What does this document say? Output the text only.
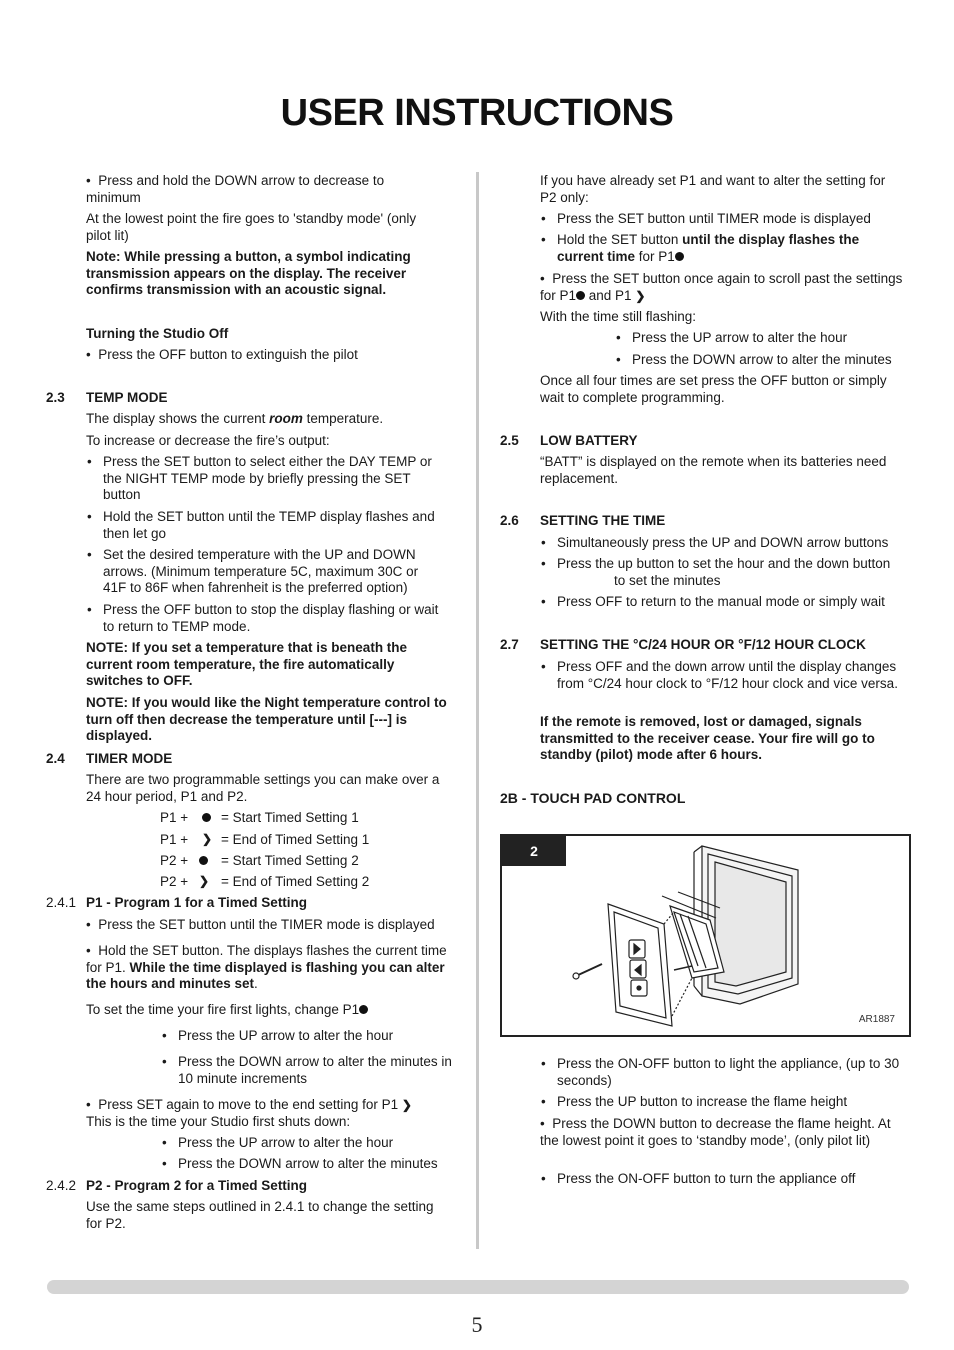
USER INSTRUCTIONS
•  Press and hold the DOWN arrow to decrease to minimum
At the lowest point the fire goes to 'standby mode' (only pilot lit)
Note: While pressing a button, a symbol indicating transmission appears on the display. The receiver confirms transmission with an acoustic signal.
Turning the Studio Off
•  Press the OFF button to extinguish the pilot
2.3 TEMP MODE
The display shows the current room temperature.
To increase or decrease the fire’s output:
• Press the SET button to select either the DAY TEMP or the NIGHT TEMP mode by briefly pressing the SET button
• Hold the SET button until the TEMP display flashes and then let go
• Set the desired temperature with the UP and DOWN arrows. (Minimum temperature 5C, maximum 30C or 41F to 86F when fahrenheit is the preferred option)
• Press the OFF button to stop the display flashing or wait to return to TEMP mode.
NOTE: If you set a temperature that is beneath the current room temperature, the fire automatically switches to OFF.
NOTE: If you would like the Night temperature control to turn off then decrease the temperature until [---] is displayed.
2.4 TIMER MODE
There are two programmable settings you can make over a 24 hour period, P1 and P2.
P1 + = Start Timed Setting 1
P1 + ❯ = End of Timed Setting 1
P2 + = Start Timed Setting 2
P2 + ❯ = End of Timed Setting 2
2.4.1 P1 - Program 1 for a Timed Setting
•  Press the SET button until the TIMER mode is displayed
•  Hold the SET button. The displays flashes the current time for P1. While the time displayed is flashing you can alter the hours and minutes set.
To set the time your fire first lights, change P1
• Press the UP arrow to alter the hour
• Press the DOWN arrow to alter the minutes in 10 minute increments
•  Press SET again to move to the end setting for P1 ❯ This is the time your Studio first shuts down:
• Press the UP arrow to alter the hour
• Press the DOWN arrow to alter the minutes
2.4.2 P2 - Program 2 for a Timed Setting
Use the same steps outlined in 2.4.1 to change the setting for P2.
If you have already set P1 and want to alter the setting for P2 only:
• Press the SET button until TIMER mode is displayed
• Hold the SET button until the display flashes the current time for P1
•  Press the SET button once again to scroll past the settings for P1 and P1 ❯
With the time still flashing:
• Press the UP arrow to alter the hour
• Press the DOWN arrow to alter the minutes
Once all four times are set press the OFF button or simply wait to complete programming.
2.5 LOW BATTERY
“BATT” is displayed on the remote when its batteries need replacement.
2.6 SETTING THE TIME
• Simultaneously press the UP and DOWN arrow buttons
• Press the up button to set the hour and the down button
to set the minutes
• Press OFF to return to the manual mode or simply wait
2.7 SETTING THE °C/24 HOUR OR °F/12 HOUR CLOCK
• Press OFF and the down arrow until the display changes from °C/24 hour clock to °F/12 hour clock and vice versa.
If the remote is removed, lost or damaged, signals transmitted to the receiver cease. Your fire will go to standby (pilot) mode after 6 hours.
2B - TOUCH PAD CONTROL
2
AR1887
• Press the ON-OFF button to light the appliance, (up to 30 seconds)
• Press the UP button to increase the flame height
•  Press the DOWN button to decrease the flame height. At the lowest point it goes to ‘standby mode’, (only pilot lit)
• Press the ON-OFF button to turn the appliance off
5
